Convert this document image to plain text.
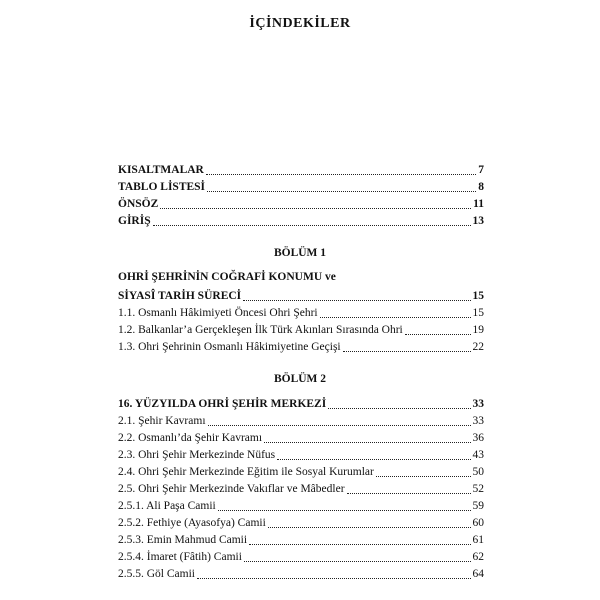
İÇİNDEKİLER
KISALTMALAR	7
TABLO LİSTESİ	8
ÖNSÖZ	11
GİRİŞ	13
BÖLÜM 1
OHRİ ŞEHRİNİN COĞRAFİ KONUMU ve
SİYASÎ TARİH SÜRECİ	15
1.1. Osmanlı Hâkimiyeti Öncesi Ohri Şehri	15
1.2. Balkanlar’a Gerçekleşen İlk Türk Akınları Sırasında Ohri	19
1.3. Ohri Şehrinin Osmanlı Hâkimiyetine Geçişi	22
BÖLÜM 2
16. YÜZYILDA OHRİ ŞEHİR MERKEZİ	33
2.1. Şehir Kavramı	33
2.2. Osmanlı’da Şehir Kavramı	36
2.3. Ohri Şehir Merkezinde Nüfus	43
2.4. Ohri Şehir Merkezinde Eğitim ile Sosyal Kurumlar	50
2.5. Ohri Şehir Merkezinde Vakıflar ve Mâbedler	52
2.5.1. Ali Paşa Camii	59
2.5.2. Fethiye (Ayasofya) Camii	60
2.5.3. Emin Mahmud Camii	61
2.5.4. İmaret (Fâtih) Camii	62
2.5.5. Göl Camii	64
